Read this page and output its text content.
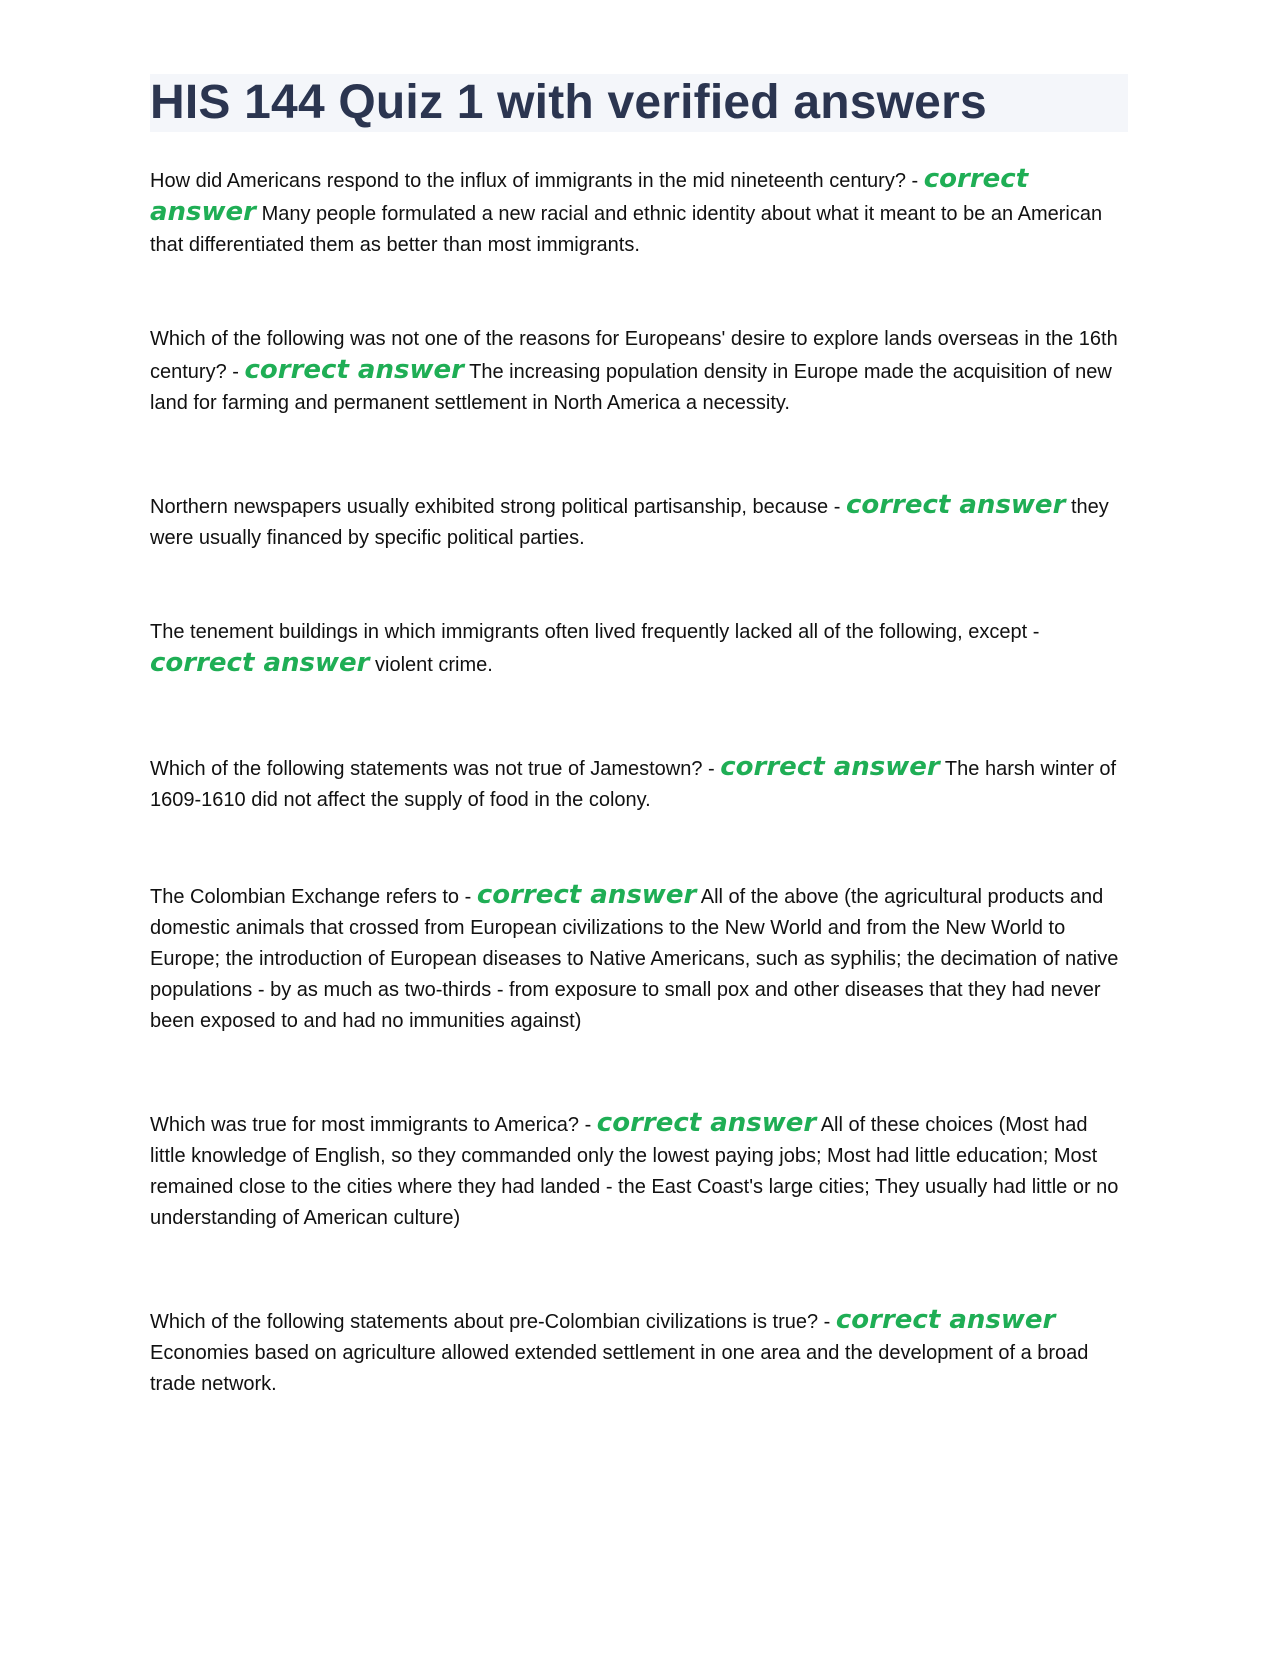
HIS 144 Quiz 1 with verified answers

How did Americans respond to the influx of immigrants in the mid nineteenth century? - correct answer Many people formulated a new racial and ethnic identity about what it meant to be an American that differentiated them as better than most immigrants.

Which of the following was not one of the reasons for Europeans' desire to explore lands overseas in the 16th century? - correct answer The increasing population density in Europe made the acquisition of new land for farming and permanent settlement in North America a necessity.

Northern newspapers usually exhibited strong political partisanship, because - correct answer they were usually financed by specific political parties.

The tenement buildings in which immigrants often lived frequently lacked all of the following, except - correct answer violent crime.

Which of the following statements was not true of Jamestown? - correct answer The harsh winter of 1609-1610 did not affect the supply of food in the colony.

The Colombian Exchange refers to - correct answer All of the above (the agricultural products and domestic animals that crossed from European civilizations to the New World and from the New World to Europe; the introduction of European diseases to Native Americans, such as syphilis; the decimation of native populations - by as much as two-thirds - from exposure to small pox and other diseases that they had never been exposed to and had no immunities against)

Which was true for most immigrants to America? - correct answer All of these choices (Most had little knowledge of English, so they commanded only the lowest paying jobs; Most had little education; Most remained close to the cities where they had landed - the East Coast's large cities; They usually had little or no understanding of American culture)

Which of the following statements about pre-Colombian civilizations is true? - correct answer Economies based on agriculture allowed extended settlement in one area and the development of a broad trade network.
